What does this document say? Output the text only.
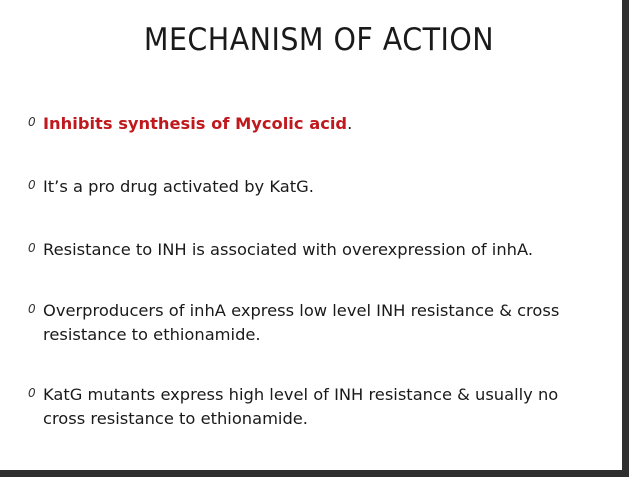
MECHANISM OF ACTION
0 Inhibits synthesis of Mycolic acid.
0 It’s a pro drug activated by KatG.
0 Resistance to INH is associated with overexpression of inhA.
0 Overproducers of inhA express low level INH resistance & cross resistance to ethionamide.
0 KatG mutants express high level of INH resistance & usually no cross resistance to ethionamide.
